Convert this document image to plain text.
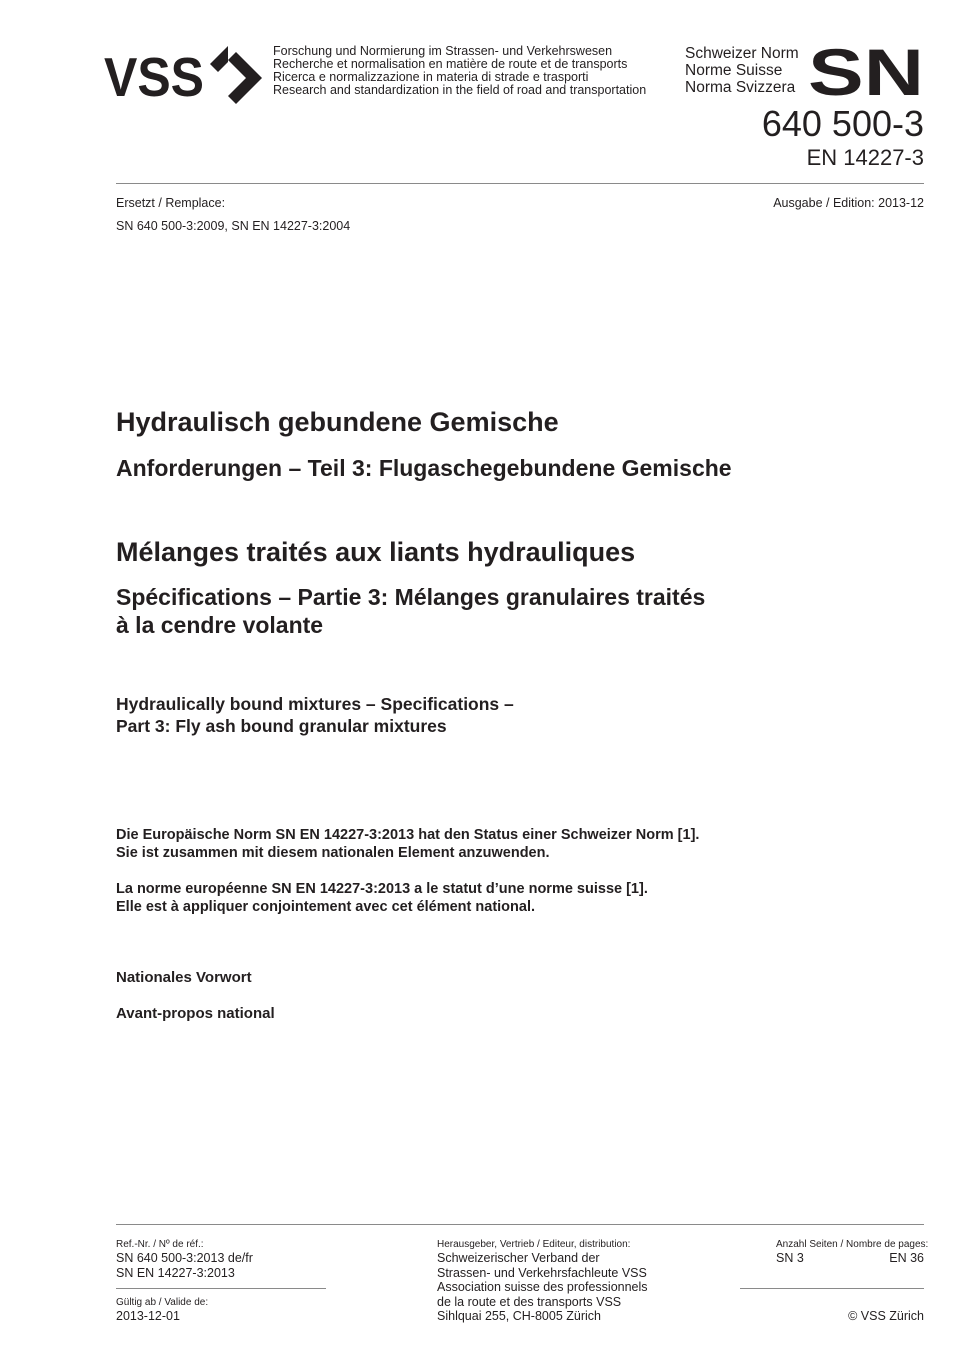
VSS	Forschung und Normierung im Strassen- und Verkehrswesen
Recherche et normalisation en matière de route et de transports
Ricerca e normalizzazione in materia di strade e trasporti
Research and standardization in the field of road and transportation
Schweizer Norm
Norme Suisse
Norma Svizzera SN
640 500-3
EN 14227-3
Ersetzt / Remplace:
SN 640 500-3:2009, SN EN 14227-3:2004
Ausgabe / Edition: 2013-12
Hydraulisch gebundene Gemische
Anforderungen – Teil 3: Flugaschegebundene Gemische
Mélanges traités aux liants hydrauliques
Spécifications – Partie 3: Mélanges granulaires traités
à la cendre volante
Hydraulically bound mixtures – Specifications –
Part 3: Fly ash bound granular mixtures
Die Europäische Norm SN EN 14227-3:2013 hat den Status einer Schweizer Norm [1].
Sie ist zusammen mit diesem nationalen Element anzuwenden.
La norme européenne SN EN 14227-3:2013 a le statut d’une norme suisse [1].
Elle est à appliquer conjointement avec cet élément national.
Nationales Vorwort
Avant-propos national
Ref.-Nr. / Nº de réf.:
SN 640 500-3:2013 de/fr
SN EN 14227-3:2013
Gültig ab / Valide de:
2013-12-01
Herausgeber, Vertrieb / Editeur, distribution:
Schweizerischer Verband der
Strassen- und Verkehrsfachleute VSS
Association suisse des professionnels
de la route et des transports VSS
Sihlquai 255, CH-8005 Zürich
Anzahl Seiten / Nombre de pages:
SN 3	EN 36
© VSS Zürich
